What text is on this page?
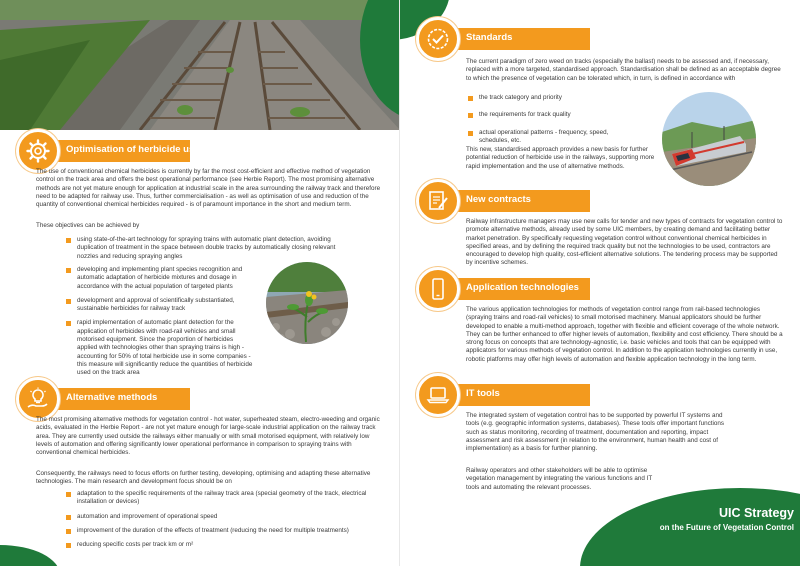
Optimisation of herbicide use

The use of conventional chemical herbicides is currently by far the most cost-efficient and effective method of vegetation control on the track area and offers the best operational performance (see Herbie Report). The most promising alternative methods are not yet mature enough for application at industrial scale in the area surrounding the railway track and therefore need to be adapted for railway use. Thus, further commercialisation - as well as optimisation of use and reduction of the quantity of conventional chemical herbicides required - is of paramount importance in the short and medium term.

These objectives can be achieved by

using state-of-the-art technology for spraying trains with automatic plant detection, avoiding duplication of treatment in the space between double tracks by automatically closing relevant nozzles and reducing spraying angles
developing and implementing plant species recognition and automatic adaptation of herbicide mixtures and dosage in accordance with the actual population of targeted plants
development and approval of scientifically substantiated, sustainable herbicides for railway track
rapid implementation of automatic plant detection for the application of herbicides with road-rail vehicles and small motorised equipment. Since the proportion of herbicides applied with technologies other than spraying trains is high - accounting for 50% of total herbicide use in some companies - this measure will significantly reduce the quantities of herbicide used on the track area
Alternative methods

The most promising alternative methods for vegetation control - hot water, superheated steam, electro-weeding and organic acids, evaluated in the Herbie Report - are not yet mature enough for large-scale industrial application on the railway track area. They are currently used outside the railways either manually or with small motorised equipment, with relatively low levels of automation and offering significantly lower operational performance in comparison to spraying trains with conventional chemical herbicides.

Consequently, the railways need to focus efforts on further testing, developing, optimising and adapting these alternative technologies. The main research and development focus should be on

adaptation to the specific requirements of the railway track area (special geometry of the track, electrical installation or devices)
automation and improvement of operational speed
improvement of the duration of the effects of treatment (reducing the need for multiple treatments)
reducing specific costs per track km or m²
Standards

The current paradigm of zero weed on tracks (especially the ballast) needs to be assessed and, if necessary, replaced with a more targeted, standardised approach. Standardisation shall be defined as an acceptable degree to which the presence of vegetation can be tolerated which, in turn, is defined in accordance with

the track category and priority
the requirements for track quality
actual operational patterns - frequency, speed, schedules, etc.

This new, standardised approach provides a new basis for further potential reduction of herbicide use in the railways, supporting more rapid implementation and the use of alternative methods.

New contracts

Railway infrastructure managers may use new calls for tender and new types of contracts for vegetation control to promote alternative methods, already used by some UIC members, by creating demand and facilitating better market penetration. By specifically requesting vegetation control without conventional chemical herbicides in specified areas, and by defining the required track quality but not the technologies to be used, contractors are encouraged to develop high quality, cost-efficient alternative solutions. The tendering process may be supported by incentive schemes.

Application technologies

The various application technologies for methods of vegetation control range from rail-based technologies (spraying trains and road-rail vehicles) to small motorised machinery. Manual applicators should be further developed to enable a multi-method approach, together with flexible and efficient coverage of the whole network. They can be further enhanced to offer higher levels of automation, flexibility and cost efficiency. There should be a strong focus on concepts that are technology-agnostic, i.e. basic vehicles and tools that can be equipped with applicators for various methods of vegetation control. In addition to the application technologies currently in use, robotic platforms may offer high levels of automation and flexible application technology in the long term.

IT tools

The integrated system of vegetation control has to be supported by powerful IT systems and tools (e.g. geographic information systems, databases). These tools offer important functions such as status monitoring, recording of treatment, documentation and reporting, impact assessment and risk assessment (in relation to the environment, human health and cost of implementation) as a basis for further planning.

Railway operators and other stakeholders will be able to optimise vegetation management by integrating the various functions and IT tools and automating the relevant processes.

UIC Strategy
on the Future of Vegetation Control
